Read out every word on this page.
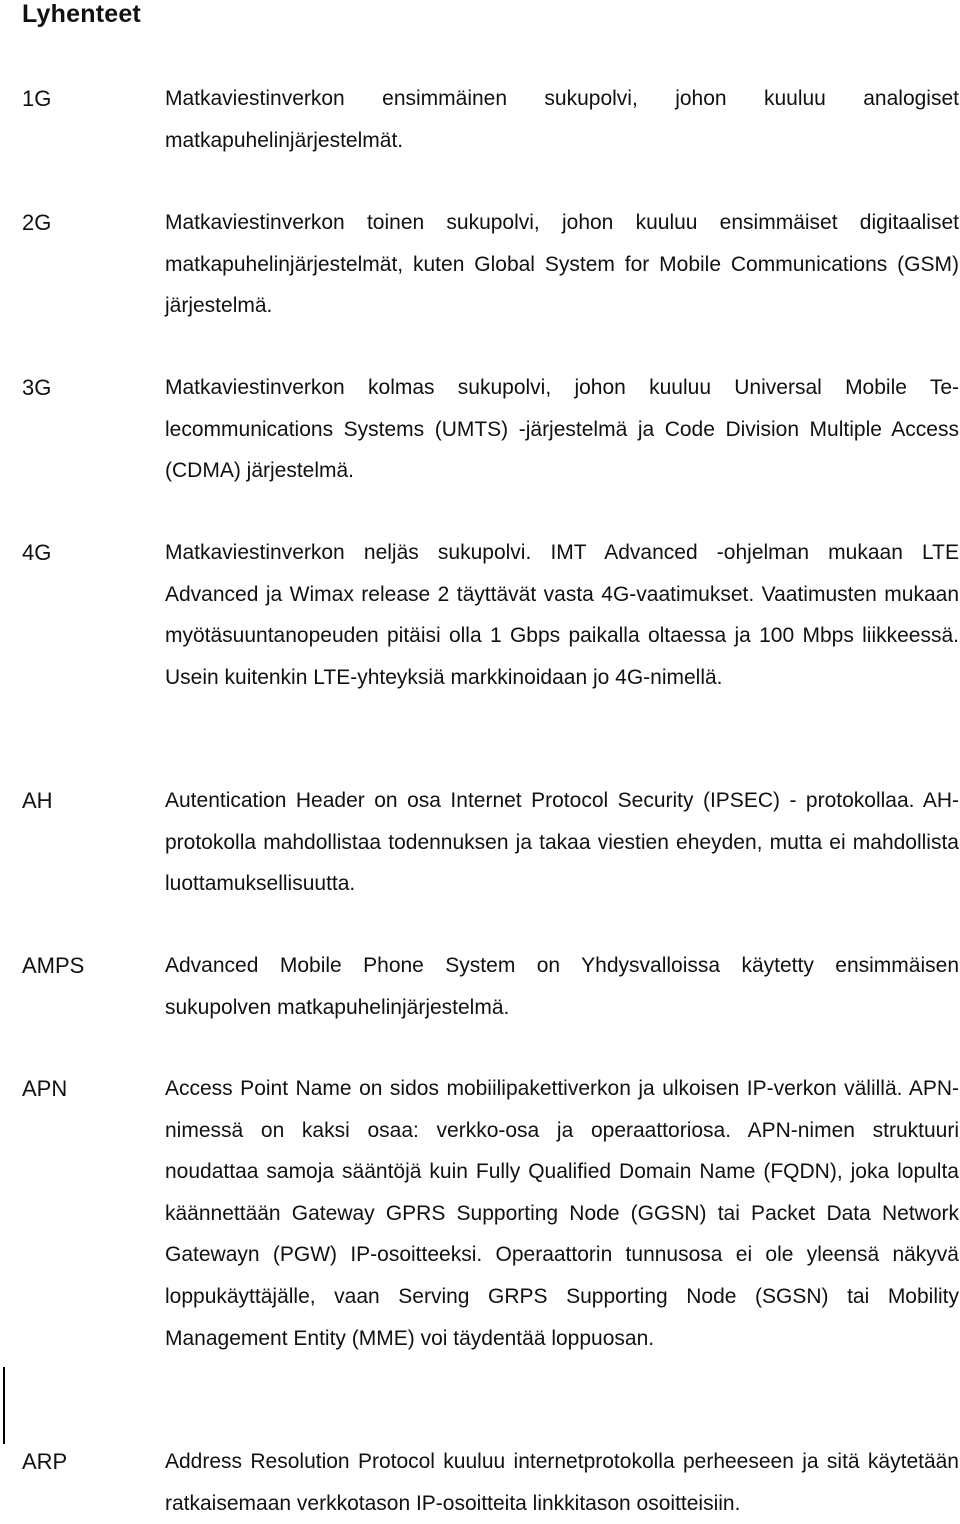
Lyhenteet
1G	Matkaviestinverkon ensimmäinen sukupolvi, johon kuuluu analogiset matkapuhelinjärjestelmät.

2G	Matkaviestinverkon toinen sukupolvi, johon kuuluu ensimmäiset digitaaliset matkapuhelinjärjestelmät, kuten Global System for Mobile Communications (GSM) järjestelmä.

3G	Matkaviestinverkon kolmas sukupolvi, johon kuuluu Universal Mobile Telecommunications Systems (UMTS) -järjestelmä ja Code Division Multiple Access (CDMA) järjestelmä.

4G	Matkaviestinverkon neljäs sukupolvi. IMT Advanced -ohjelman mukaan LTE Advanced ja Wimax release 2 täyttävät vasta 4G-vaatimukset. Vaatimusten mukaan myötäsuuntanopeuden pitäisi olla 1 Gbps paikalla oltaessa ja 100 Mbps liikkeessä. Usein kuitenkin LTE-yhteyksiä markkinoidaan jo 4G-nimellä.

AH	Autentication Header on osa Internet Protocol Security (IPSEC) - protokollaa. AH-protokolla mahdollistaa todennuksen ja takaa viestien eheyden, mutta ei mahdollista luottamuksellisuutta.

AMPS	Advanced Mobile Phone System on Yhdysvalloissa käytetty ensimmäisen sukupolven matkapuhelinjärjestelmä.

APN	Access Point Name on sidos mobiilipakettiverkon ja ulkoisen IP-verkon välillä. APN-nimessä on kaksi osaa: verkko-osa ja operaattoriosa. APN-nimen struktuuri noudattaa samoja sääntöjä kuin Fully Qualified Domain Name (FQDN), joka lopulta käännettään Gateway GPRS Supporting Node (GGSN) tai Packet Data Network Gatewayn (PGW) IP-osoitteeksi. Operaattorin tunnusosa ei ole yleensä näkyvä loppukäyttäjälle, vaan Serving GRPS Supporting Node (SGSN) tai Mobility Management Entity (MME) voi täydentää loppuosan.

ARP	Address Resolution Protocol kuuluu internetprotokolla perheeseen ja sitä käytetään ratkaisemaan verkkotason IP-osoitteita linkkitason osoitteisiin.
